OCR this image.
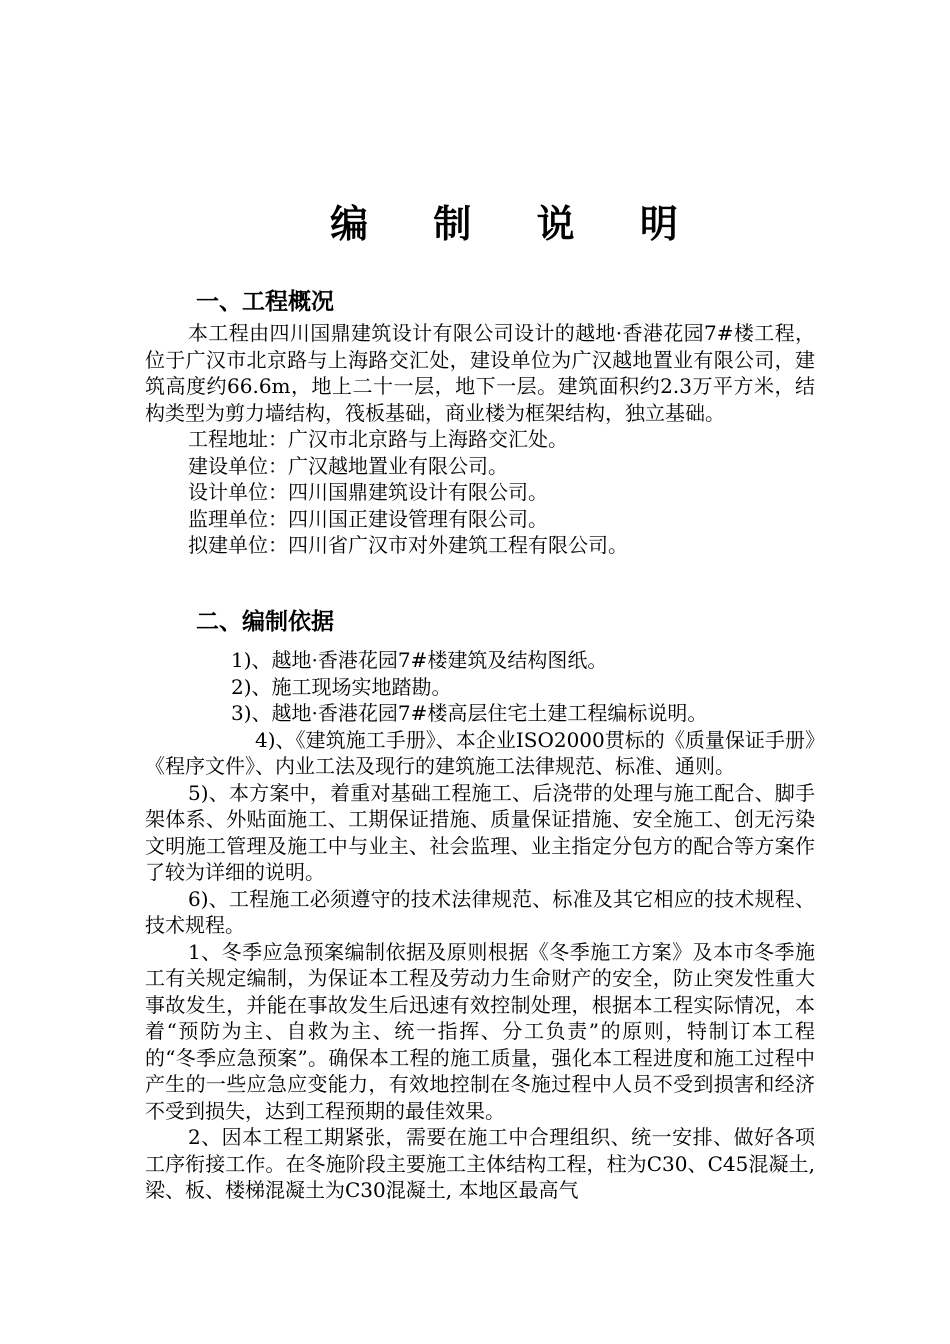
编 制 说 明
一、工程概况

本工程由四川国鼎建筑设计有限公司设计的越地·香港花园7#楼工程，位于广汉市北京路与上海路交汇处，建设单位为广汉越地置业有限公司，建筑高度约66.6m，地上二十一层，地下一层。建筑面积约2.3万平方米，结构类型为剪力墙结构，筏板基础，商业楼为框架结构，独立基础。

工程地址：广汉市北京路与上海路交汇处。

建设单位：广汉越地置业有限公司。

设计单位：四川国鼎建筑设计有限公司。

监理单位：四川国正建设管理有限公司。

拟建单位：四川省广汉市对外建筑工程有限公司。

二、编制依据

1)、越地·香港花园7#楼建筑及结构图纸。

2)、施工现场实地踏勘。

3)、越地·香港花园7#楼高层住宅土建工程编标说明。

4)、《建筑施工手册》、本企业ISO2000贯标的《质量保证手册》《程序文件》、内业工法及现行的建筑施工法律规范、标准、通则。

5)、本方案中，着重对基础工程施工、后浇带的处理与施工配合、脚手架体系、外贴面施工、工期保证措施、质量保证措施、安全施工、创无污染文明施工管理及施工中与业主、社会监理、业主指定分包方的配合等方案作了较为详细的说明。

6)、工程施工必须遵守的技术法律规范、标准及其它相应的技术规程、技术规程。

1、冬季应急预案编制依据及原则根据《冬季施工方案》及本市冬季施工有关规定编制，为保证本工程及劳动力生命财产的安全，防止突发性重大事故发生，并能在事故发生后迅速有效控制处理，根据本工程实际情况，本着“预防为主、自救为主、统一指挥、分工负责”的原则，特制订本工程的“冬季应急预案”。确保本工程的施工质量，强化本工程进度和施工过程中产生的一些应急应变能力，有效地控制在冬施过程中人员不受到损害和经济不受到损失，达到工程预期的最佳效果。

2、因本工程工期紧张，需要在施工中合理组织、统一安排、做好各项工序衔接工作。在冬施阶段主要施工主体结构工程，柱为C30、C45混凝土,梁、板、楼梯混凝土为C30混凝土, 本地区最高气
